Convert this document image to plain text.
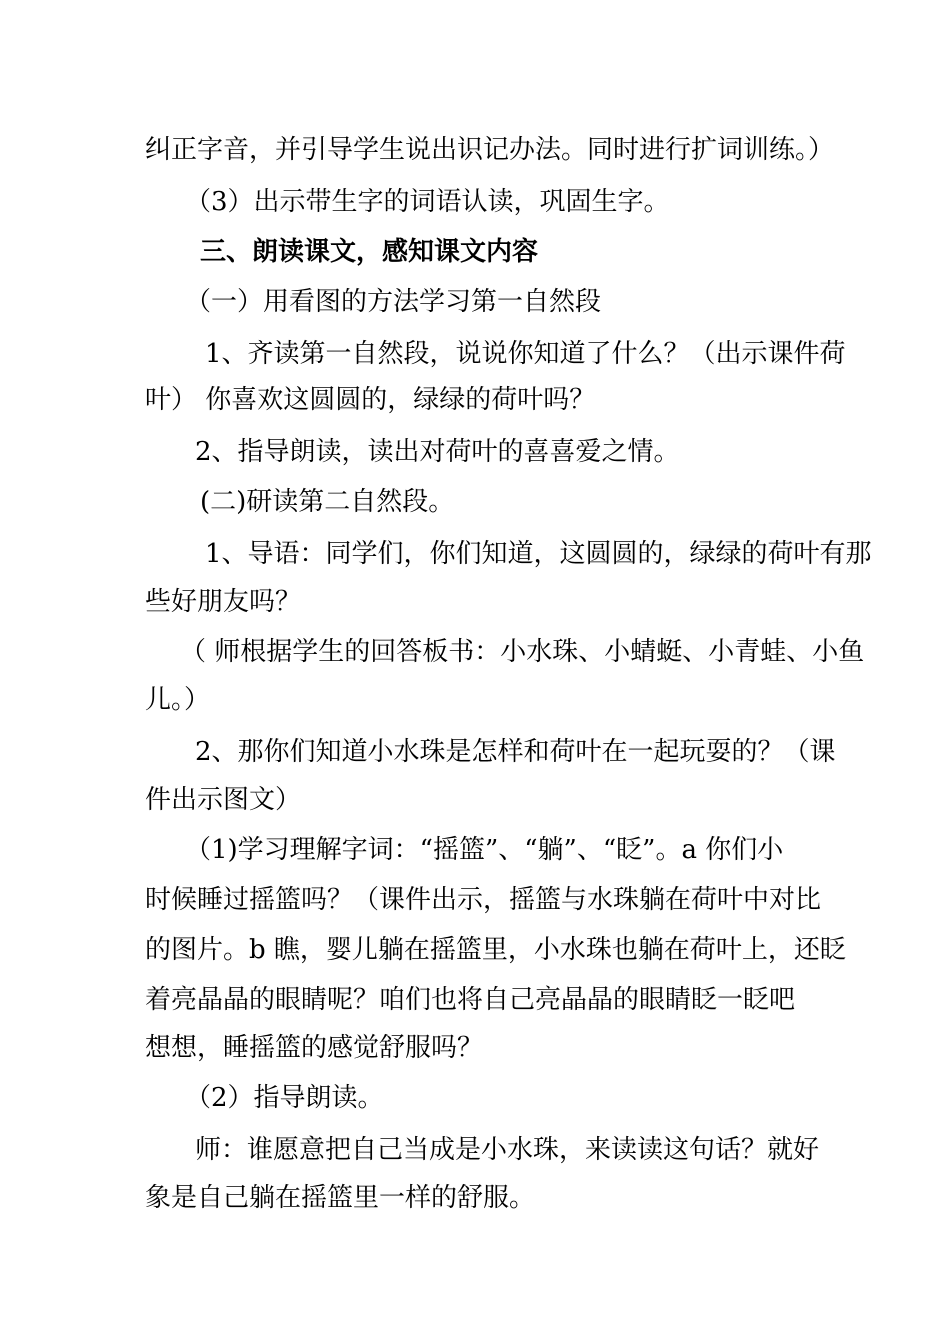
纠正字音，并引导学生说出识记办法。同时进行扩词训练。）
（3）出示带生字的词语认读，巩固生字。
三、朗读课文，感知课文内容
（一）用看图的方法学习第一自然段
1、齐读第一自然段，说说你知道了什么？（出示课件荷
叶） 你喜欢这圆圆的，绿绿的荷叶吗？
2、指导朗读，读出对荷叶的喜喜爱之情。
(二)研读第二自然段。
1、导语：同学们，你们知道，这圆圆的，绿绿的荷叶有那
些好朋友吗？
（ 师根据学生的回答板书：小水珠、小蜻蜓、小青蛙、小鱼
儿。）
2、那你们知道小水珠是怎样和荷叶在一起玩耍的？（课
件出示图文）
（1)学习理解字词：“摇篮”、“躺”、“眨”。a 你们小
时候睡过摇篮吗？（课件出示，摇篮与水珠躺在荷叶中对比
的图片。b 瞧，婴儿躺在摇篮里，小水珠也躺在荷叶上，还眨
着亮晶晶的眼睛呢？咱们也将自己亮晶晶的眼睛眨一眨吧
想想，睡摇篮的感觉舒服吗？
（2）指导朗读。
师：谁愿意把自己当成是小水珠，来读读这句话？就好
象是自己躺在摇篮里一样的舒服。
